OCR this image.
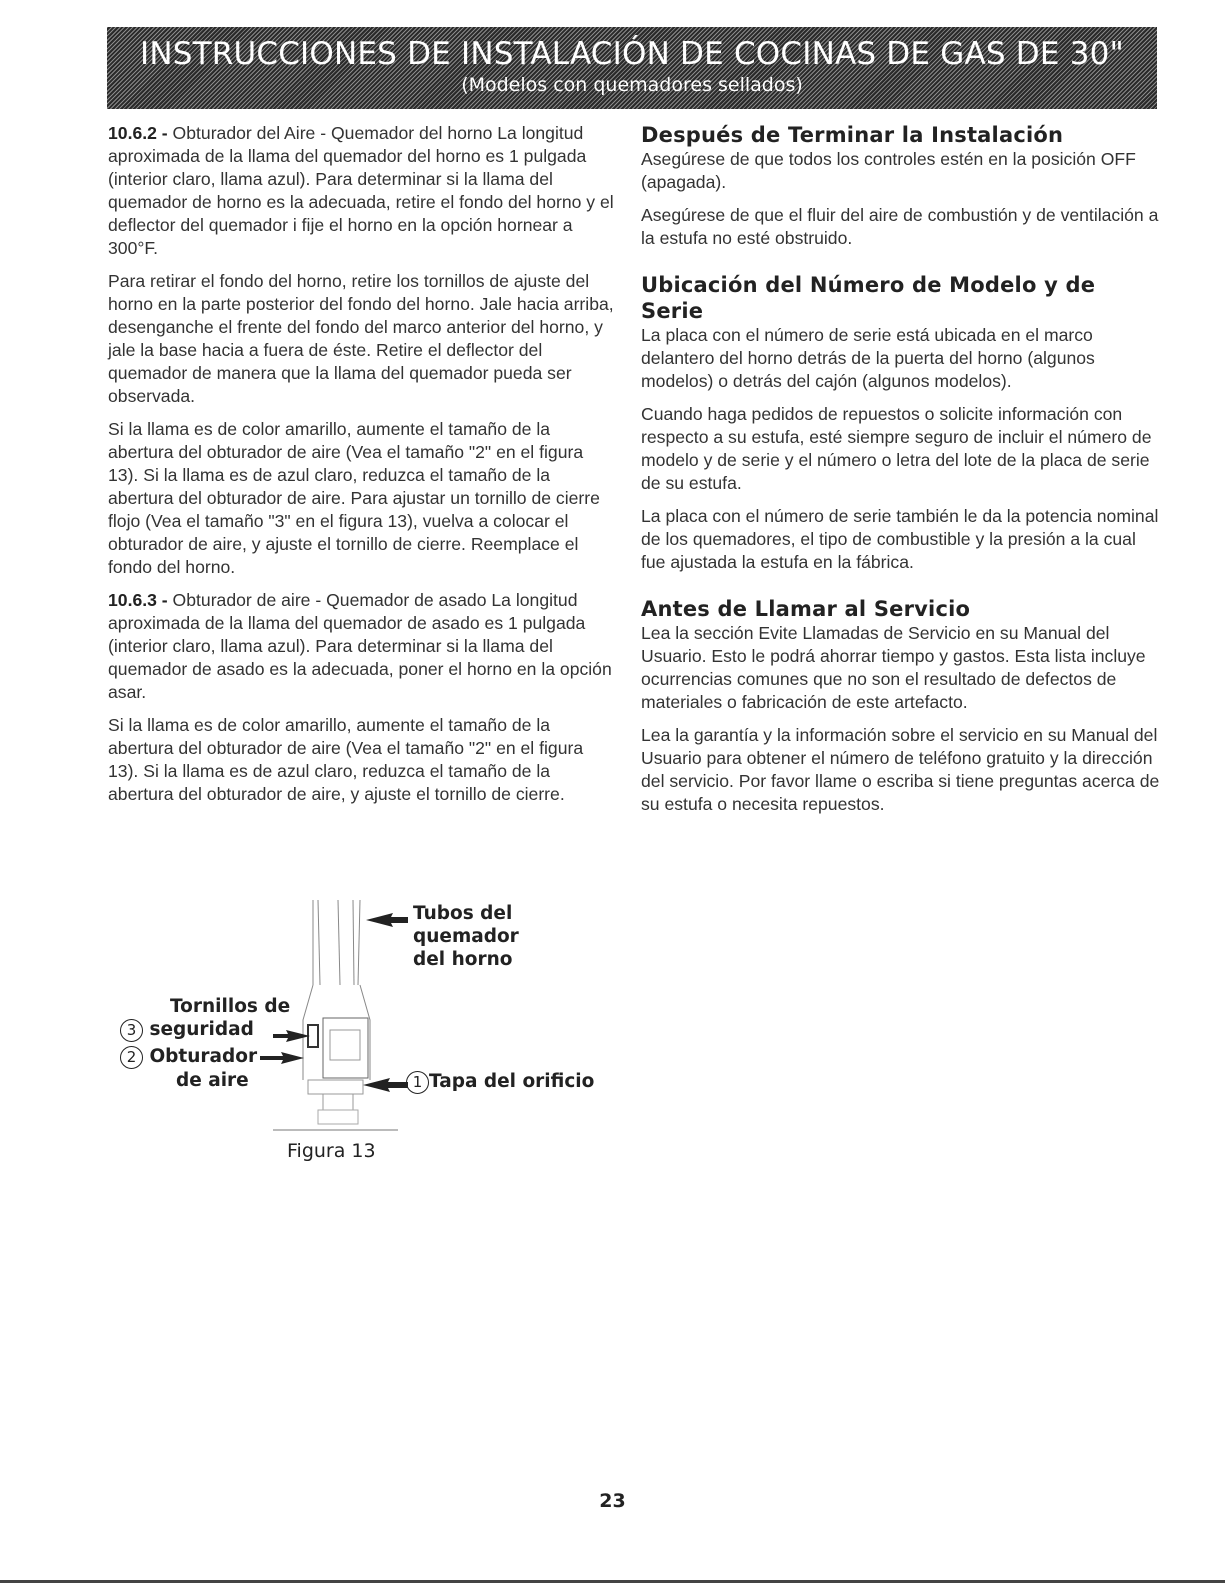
INSTRUCCIONES DE INSTALACIÓN DE COCINAS DE GAS DE 30"
(Modelos con quemadores sellados)

10.6.2 - Obturador del Aire - Quemador del horno La longitud aproximada de la llama del quemador del horno es 1 pulgada (interior claro, llama azul). Para determinar si la llama del quemador de horno es la adecuada, retire el fondo del horno y el deflector del quemador i fije el horno en la opción hornear a 300°F.

Para retirar el fondo del horno, retire los tornillos de ajuste del horno en la parte posterior del fondo del horno. Jale hacia arriba, desenganche el frente del fondo del marco anterior del horno, y jale la base hacia a fuera de éste. Retire el deflector del quemador de manera que la llama del quemador pueda ser observada.

Si la llama es de color amarillo, aumente el tamaño de la abertura del obturador de aire (Vea el tamaño "2" en el figura 13). Si la llama es de azul claro, reduzca el tamaño de la abertura del obturador de aire. Para ajustar un tornillo de cierre flojo (Vea el tamaño "3" en el figura 13), vuelva a colocar el obturador de aire, y ajuste el tornillo de cierre. Reemplace el fondo del horno.

10.6.3 - Obturador de aire - Quemador de asado La longitud aproximada de la llama del quemador de asado es 1 pulgada (interior claro, llama azul). Para determinar si la llama del quemador de asado es la adecuada, poner el horno en la opción asar.

Si la llama es de color amarillo, aumente el tamaño de la abertura del obturador de aire (Vea el tamaño "2" en el figura 13). Si la llama es de azul claro, reduzca el tamaño de la abertura del obturador de aire, y ajuste el tornillo de cierre.

Después de Terminar la Instalación

Asegúrese de que todos los controles estén en la posición OFF (apagada).

Asegúrese de que el fluir del aire de combustión y de ventilación a la estufa no esté obstruido.

Ubicación del Número de Modelo y de Serie

La placa con el número de serie está ubicada en el marco delantero del horno detrás de la puerta del horno (algunos modelos) o detrás del cajón (algunos modelos).

Cuando haga pedidos de repuestos o solicite información con respecto a su estufa, esté siempre seguro de incluir el número de modelo y de serie y el número o letra del lote de la placa de serie de su estufa.

La placa con el número de serie también le da la potencia nominal de los quemadores, el tipo de combustible y la presión a la cual fue ajustada la estufa en la fábrica.

Antes de Llamar al Servicio

Lea la sección Evite Llamadas de Servicio en su Manual del Usuario. Esto le podrá ahorrar tiempo y gastos. Esta lista incluye ocurrencias comunes que no son el resultado de defectos de materiales o fabricación de este artefacto.

Lea la garantía y la información sobre el servicio en su Manual del Usuario para obtener el número de teléfono gratuito y la dirección del servicio. Por favor llame o escriba si tiene preguntas acerca de su estufa o necesita repuestos.

Tubos del
quemador
del horno
Tornillos de
3 seguridad
2 Obturador
de aire	1 Tapa del orificio
Figura 13
23
